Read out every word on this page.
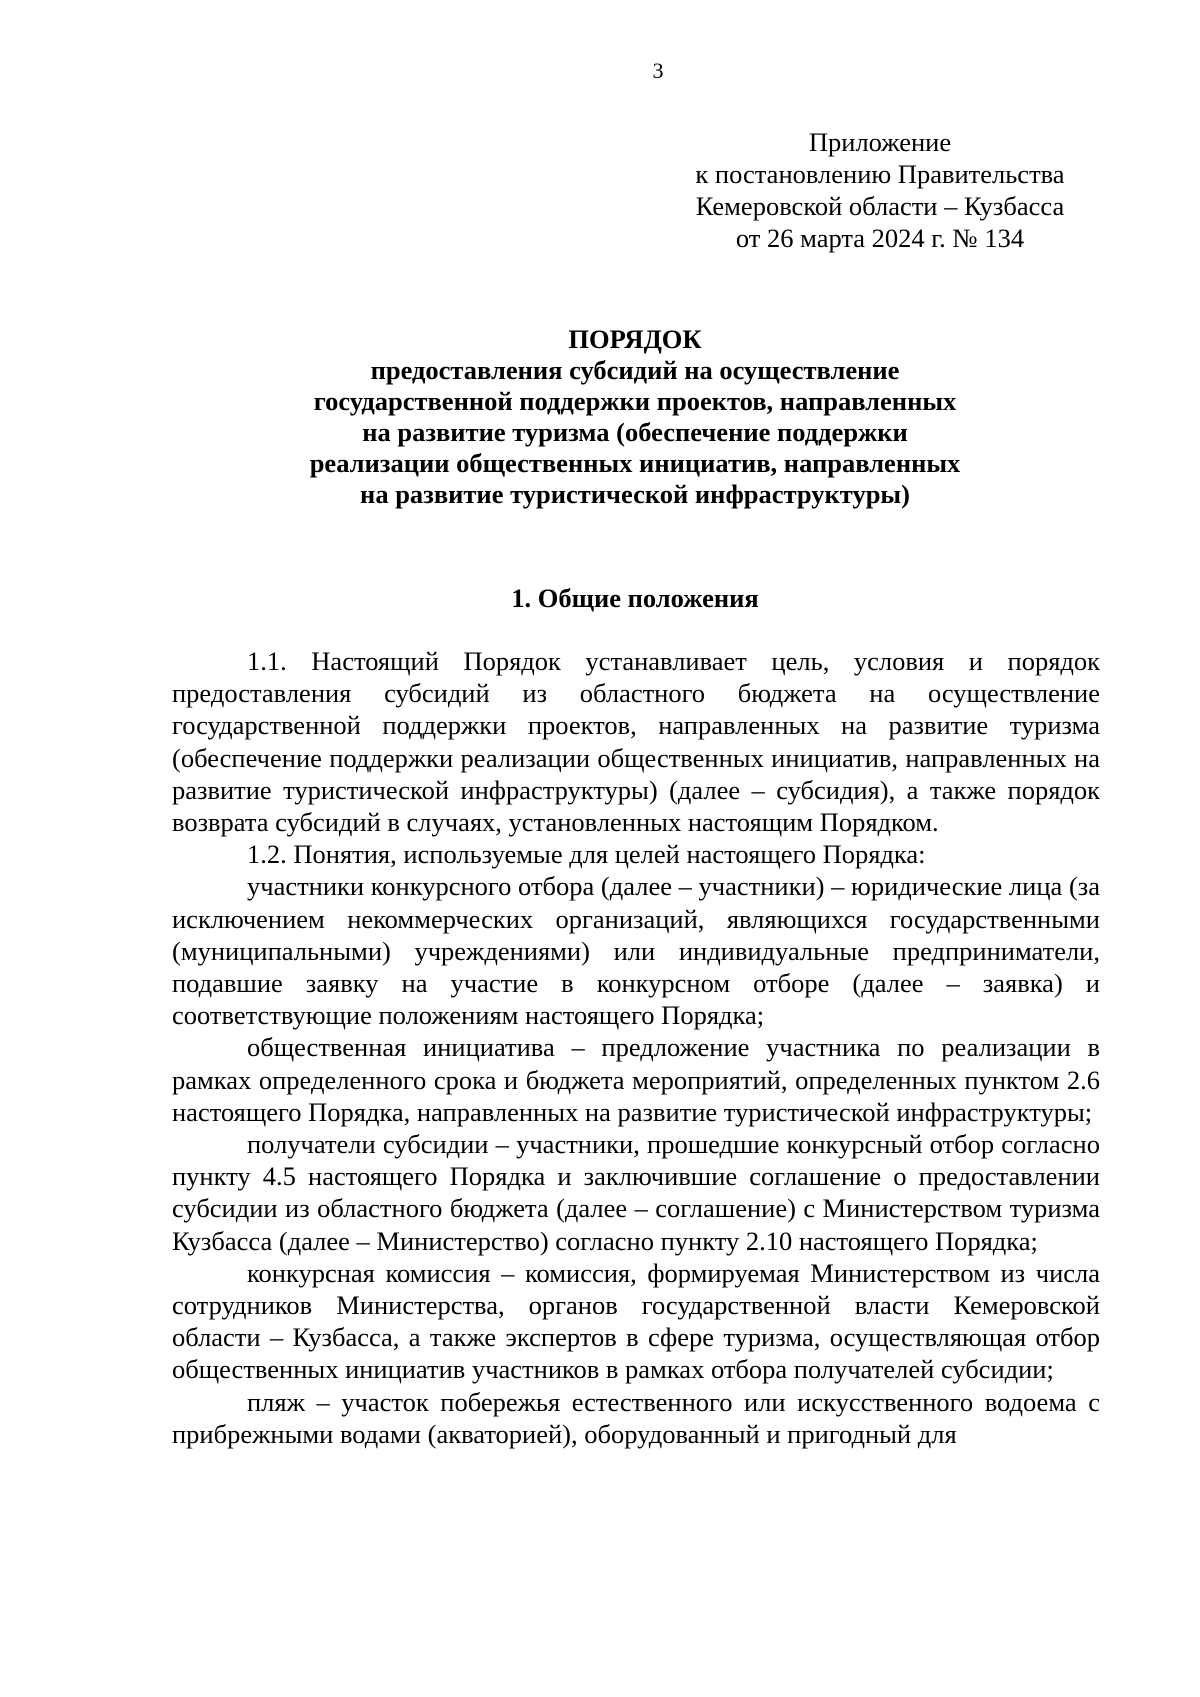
3
Приложение
к постановлению Правительства
Кемеровской области – Кузбасса
от 26 марта 2024 г. № 134
ПОРЯДОК
предоставления субсидий на осуществление
государственной поддержки проектов, направленных
на развитие туризма (обеспечение поддержки
реализации общественных инициатив, направленных
на развитие туристической инфраструктуры)
1. Общие положения

1.1. Настоящий Порядок устанавливает цель, условия и порядок предоставления субсидий из областного бюджета на осуществление государственной поддержки проектов, направленных на развитие туризма (обеспечение поддержки реализации общественных инициатив, направленных на развитие туристической инфраструктуры) (далее – субсидия), а также порядок возврата субсидий в случаях, установленных настоящим Порядком.

1.2. Понятия, используемые для целей настоящего Порядка:

участники конкурсного отбора (далее – участники) – юридические лица (за исключением некоммерческих организаций, являющихся государственными (муниципальными) учреждениями) или индивидуальные предприниматели, подавшие заявку на участие в конкурсном отборе (далее – заявка) и соответствующие положениям настоящего Порядка;

общественная инициатива – предложение участника по реализации в рамках определенного срока и бюджета мероприятий, определенных пунктом 2.6 настоящего Порядка, направленных на развитие туристической инфраструктуры;

получатели субсидии – участники, прошедшие конкурсный отбор согласно пункту 4.5 настоящего Порядка и заключившие соглашение о предоставлении субсидии из областного бюджета (далее – соглашение) с Министерством туризма Кузбасса (далее – Министерство) согласно пункту 2.10 настоящего Порядка;

конкурсная комиссия – комиссия, формируемая Министерством из числа сотрудников Министерства, органов государственной власти Кемеровской области – Кузбасса, а также экспертов в сфере туризма, осуществляющая отбор общественных инициатив участников в рамках отбора получателей субсидии;

пляж – участок побережья естественного или искусственного водоема с прибрежными водами (акваторией), оборудованный и пригодный для
